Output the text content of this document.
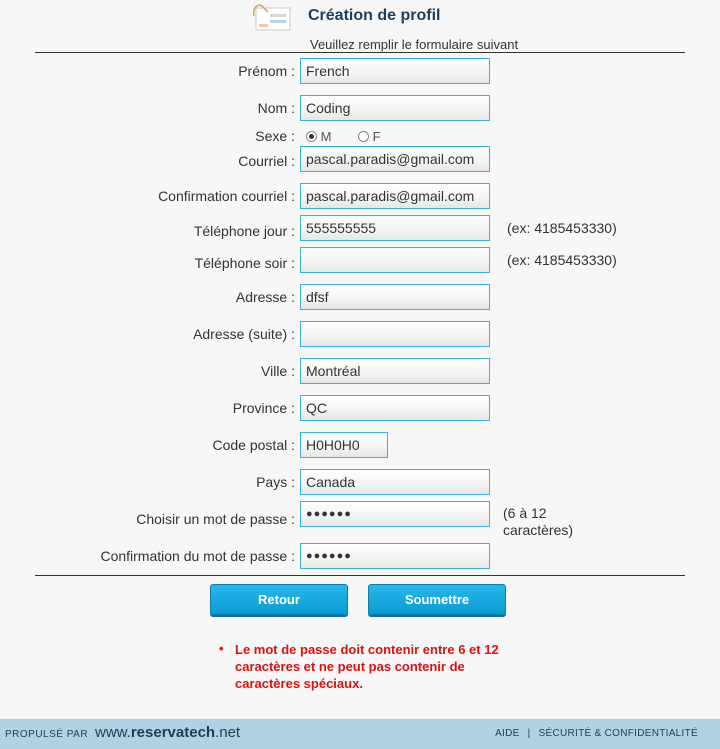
Création de profil
Veuillez remplir le formulaire suivant
Prénom : French
Nom : Coding
Sexe :	M	F
Courriel : pascal.paradis@gmail.com
Confirmation courriel : pascal.paradis@gmail.com
Téléphone jour : 555555555	(ex: 4185453330)
Téléphone soir :	(ex: 4185453330)
Adresse : dfsf
Adresse (suite) :
Ville : Montréal
Province : QC
Code postal : H0H0H0
Pays : Canada
Choisir un mot de passe :	●●●●●●	(6 à 12
caractères)
Confirmation du mot de passe :	●●●●●●
Retour	Soumettre
• Le mot de passe doit contenir entre 6 et 12 caractères et ne peut pas contenir de caractères spéciaux.
PROPULSÉ PAR www.reservatech.net	AIDE | SÉCURITÉ & CONFIDENTIALITÉ
